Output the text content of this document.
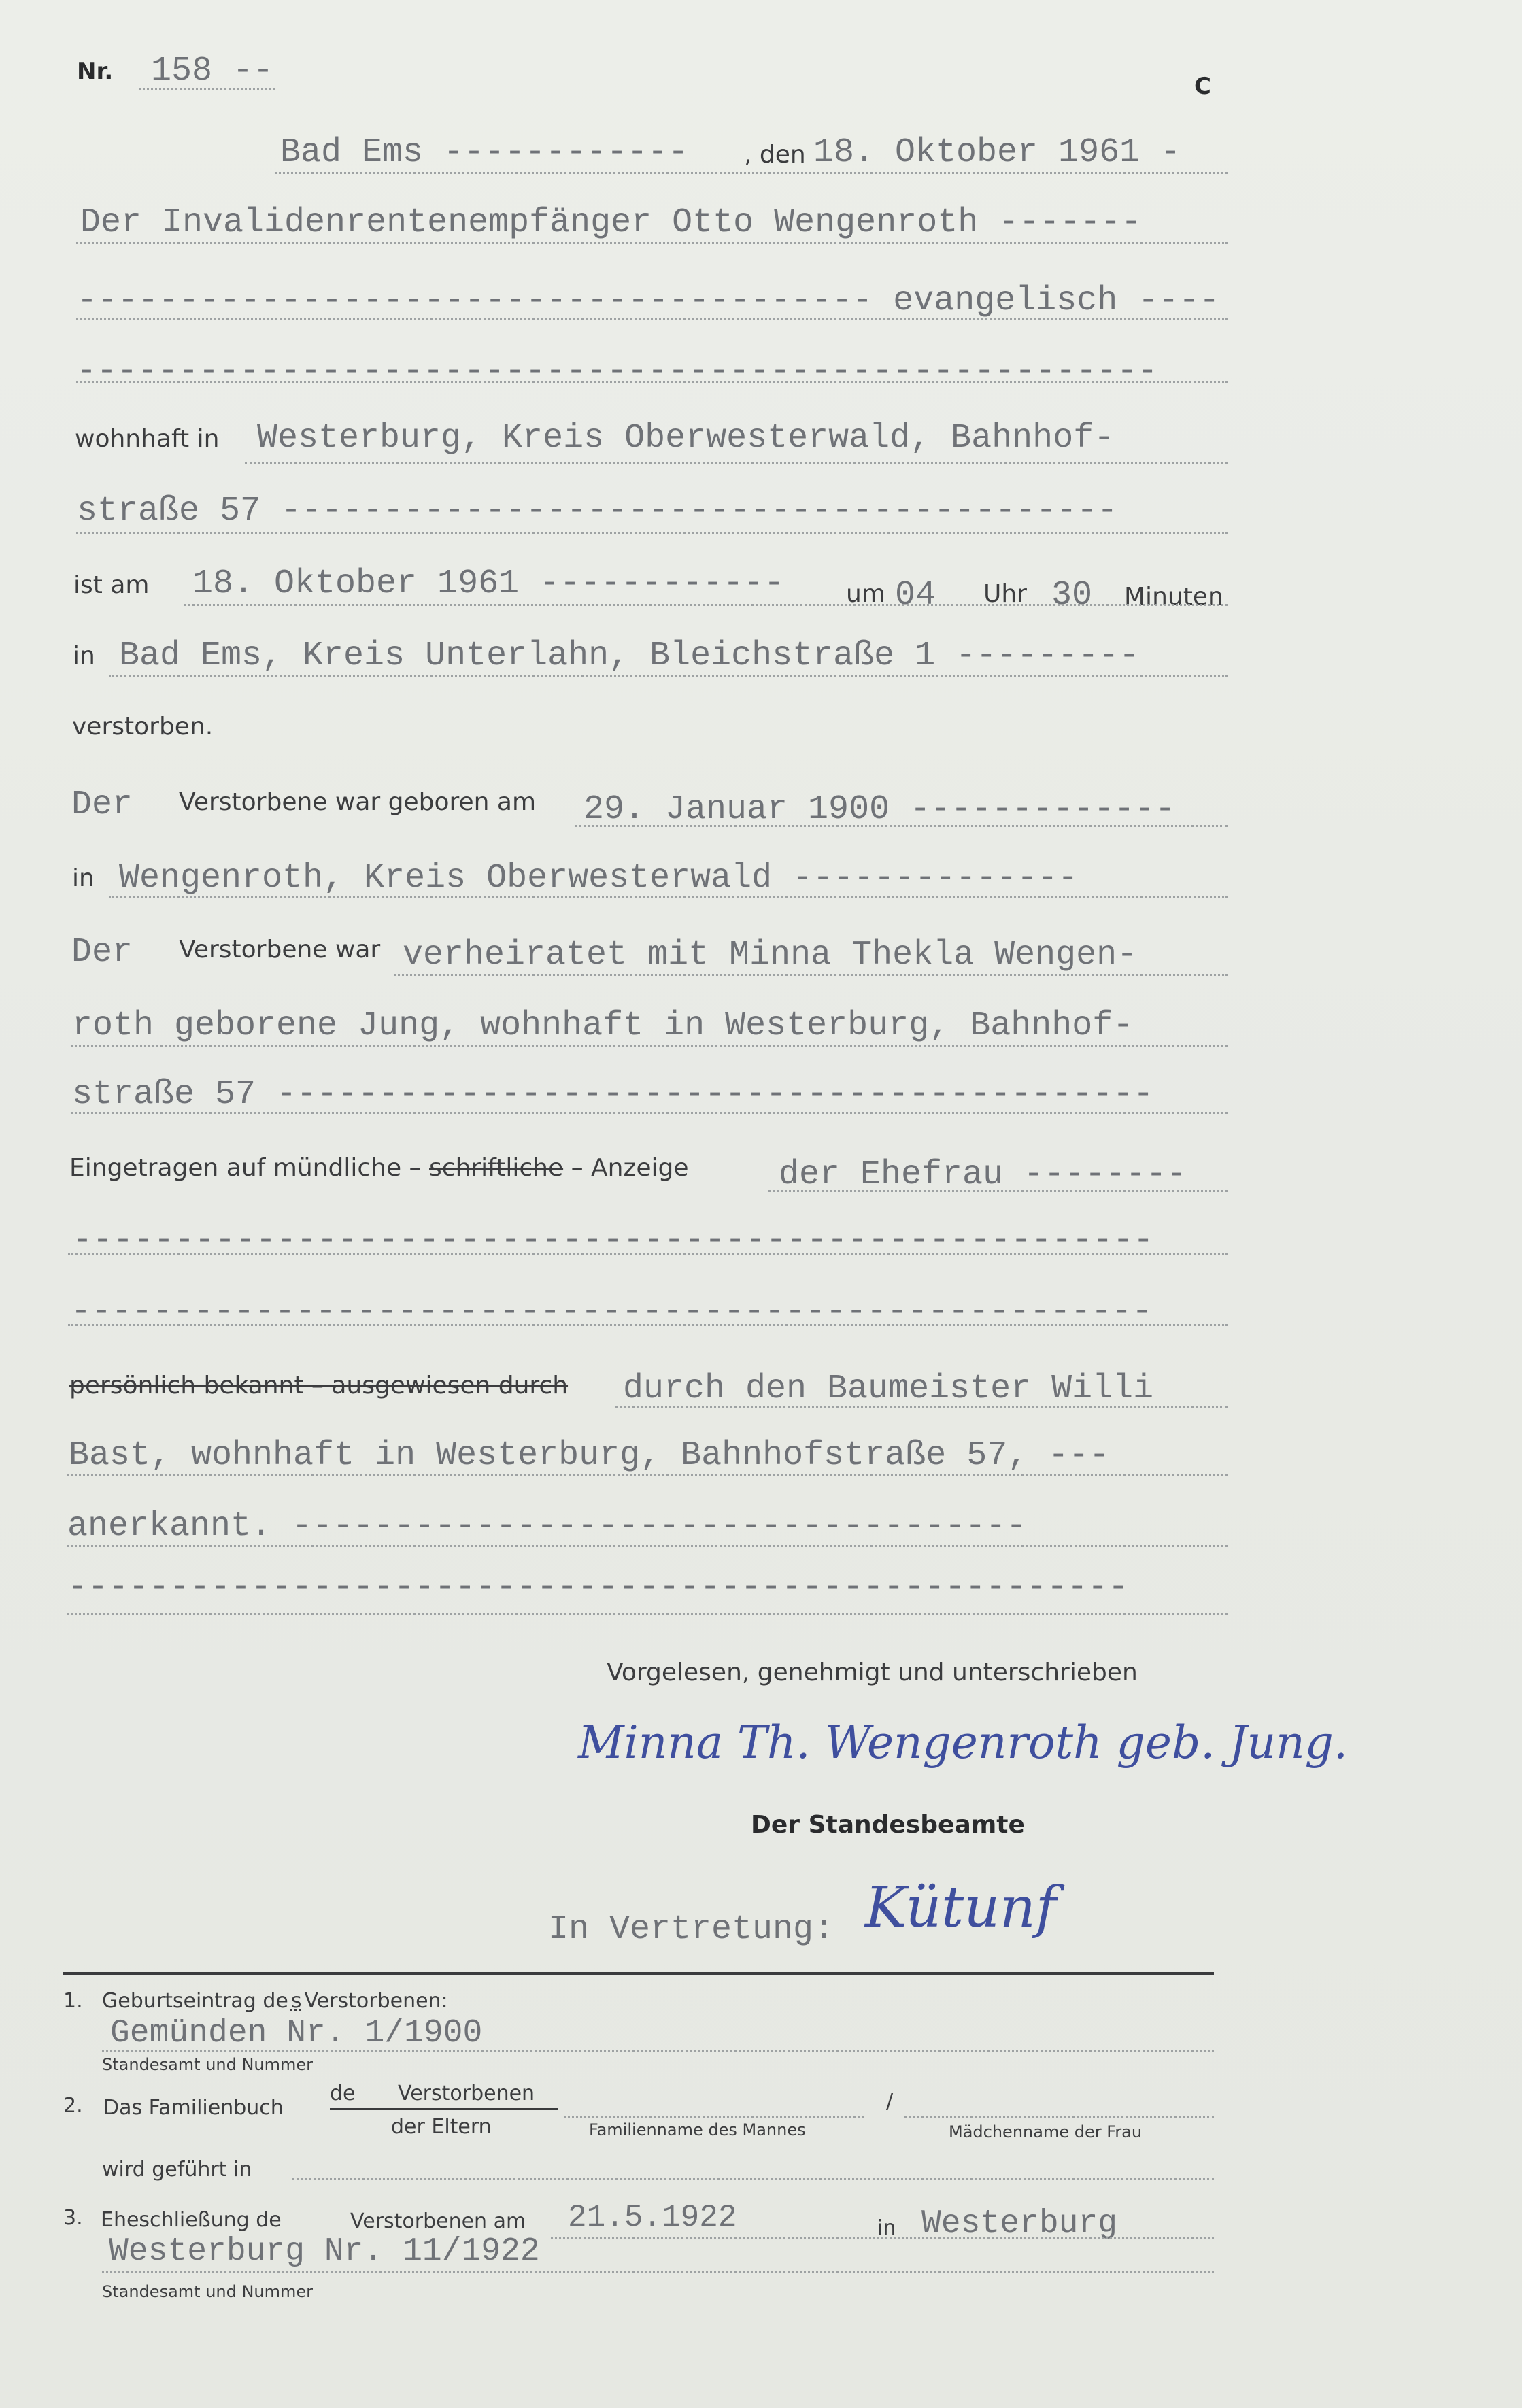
Nr. 158 --	C
Bad Ems ------------ , den 18. Oktober 1961 -
Der Invalidenrentenempfänger Otto Wengenroth -------
--------------------------------------- evangelisch ----
-----------------------------------------------------
wohnhaft in Westerburg, Kreis Oberwesterwald, Bahnhof-
straße 57 -----------------------------------------
ist am 18. Oktober 1961 ------------	um 04 Uhr 30 Minuten
in Bad Ems, Kreis Unterlahn, Bleichstraße 1 ---------
verstorben.
Der Verstorbene war geboren am 29. Januar 1900 -------------
in Wengenroth, Kreis Oberwesterwald --------------
Der Verstorbene war verheiratet mit Minna Thekla Wengen-
roth geborene Jung, wohnhaft in Westerburg, Bahnhof-
straße 57 -------------------------------------------
Eingetragen auf mündliche – schriftliche – Anzeige	der Ehefrau --------
-----------------------------------------------------
-----------------------------------------------------
persönlich bekannt – ausgewiesen durch durch den Baumeister Willi
Bast, wohnhaft in Westerburg, Bahnhofstraße 57, ---
anerkannt. ------------------------------------
----------------------------------------------------
Vorgelesen, genehmigt und unterschrieben
Minna Th. Wengenroth geb. Jung.
Der Standesbeamte
In Vertretung: Kütunf
1. Geburtseintrag de s Verstorbenen:
Gemünden Nr. 1/1900
Standesamt und Nummer
2. Das Familienbuch
de Verstorbenen
der Eltern	Familienname des Mannes
/
Mädchenname der Frau
wird geführt in
3. Eheschließung de	Verstorbenen am 21.5.1922	in Westerburg
Westerburg Nr. 11/1922
Standesamt und Nummer
